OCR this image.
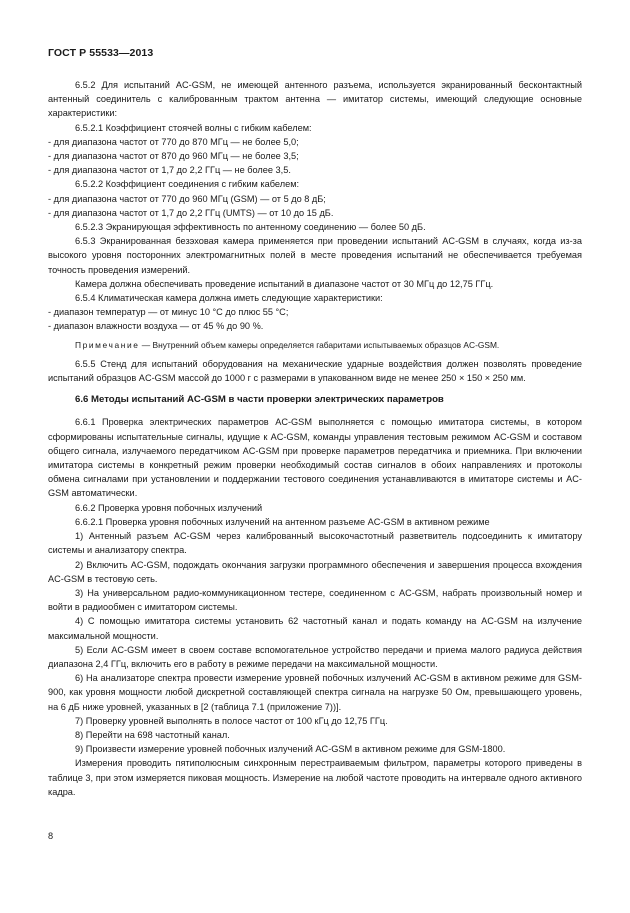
ГОСТ Р 55533—2013

6.5.2 Для испытаний AC-GSM, не имеющей антенного разъема, используется экранированный бесконтактный антенный соединитель с калиброванным трактом антенна — имитатор системы, имеющий следующие основные характеристики:

6.5.2.1 Коэффициент стоячей волны с гибким кабелем:

- для диапазона частот от 770 до 870 МГц — не более 5,0;

- для диапазона частот от 870 до 960 МГц — не более 3,5;

- для диапазона частот от 1,7 до 2,2 ГГц — не более 3,5.

6.5.2.2 Коэффициент соединения с гибким кабелем:

- для диапазона частот от 770 до 960 МГц (GSM) — от 5 до 8 дБ;

- для диапазона частот от 1,7 до 2,2 ГГц (UMTS) — от 10 до 15 дБ.

6.5.2.3 Экранирующая эффективность по антенному соединению — более 50 дБ.

6.5.3 Экранированная безэховая камера применяется при проведении испытаний AC-GSM в случаях, когда из-за высокого уровня посторонних электромагнитных полей в месте проведения испытаний не обеспечивается требуемая точность проведения измерений.

Камера должна обеспечивать проведение испытаний в диапазоне частот от 30 МГц до 12,75 ГГц.

6.5.4 Климатическая камера должна иметь следующие характеристики:

- диапазон температур — от минус 10 °C до плюс 55 °C;

- диапазон влажности воздуха — от 45 % до 90 %.

Примечание — Внутренний объем камеры определяется габаритами испытываемых образцов AC-GSM.

6.5.5 Стенд для испытаний оборудования на механические ударные воздействия должен позволять проведение испытаний образцов AC-GSM массой до 1000 г с размерами в упакованном виде не менее 250 × 150 × 250 мм.

6.6 Методы испытаний AC-GSM в части проверки электрических параметров

6.6.1 Проверка электрических параметров AC-GSM выполняется с помощью имитатора системы, в котором сформированы испытательные сигналы, идущие к AC-GSM, команды управления тестовым режимом AC-GSM и составом общего сигнала, излучаемого передатчиком AC-GSM при проверке параметров передатчика и приемника. При включении имитатора системы в конкретный режим проверки необходимый состав сигналов в обоих направлениях и протоколы обмена сигналами при установлении и поддержании тестового соединения устанавливаются в имитаторе системы и AC-GSM автоматически.

6.6.2 Проверка уровня побочных излучений

6.6.2.1 Проверка уровня побочных излучений на антенном разъеме AC-GSM в активном режиме

1) Антенный разъем AC-GSM через калиброванный высокочастотный разветвитель подсоединить к имитатору системы и анализатору спектра.

2) Включить AC-GSM, подождать окончания загрузки программного обеспечения и завершения процесса вхождения AC-GSM в тестовую сеть.

3) На универсальном радио-коммуникационном тестере, соединенном с AC-GSM, набрать произвольный номер и войти в радиообмен с имитатором системы.

4) С помощью имитатора системы установить 62 частотный канал и подать команду на AC-GSM на излучение максимальной мощности.

5) Если AC-GSM имеет в своем составе вспомогательное устройство передачи и приема малого радиуса действия диапазона 2,4 ГГц, включить его в работу в режиме передачи на максимальной мощности.

6) На анализаторе спектра провести измерение уровней побочных излучений AC-GSM в активном режиме для GSM-900, как уровня мощности любой дискретной составляющей спектра сигнала на нагрузке 50 Ом, превышающего уровень, на 6 дБ ниже уровней, указанных в [2 (таблица 7.1 (приложение 7))].

7) Проверку уровней выполнять в полосе частот от 100 кГц до 12,75 ГГц.

8) Перейти на 698 частотный канал.

9) Произвести измерение уровней побочных излучений AC-GSM в активном режиме для GSM-1800.

Измерения проводить пятиполюсным синхронным перестраиваемым фильтром, параметры которого приведены в таблице 3, при этом измеряется пиковая мощность. Измерение на любой частоте проводить на интервале одного активного кадра.

8
